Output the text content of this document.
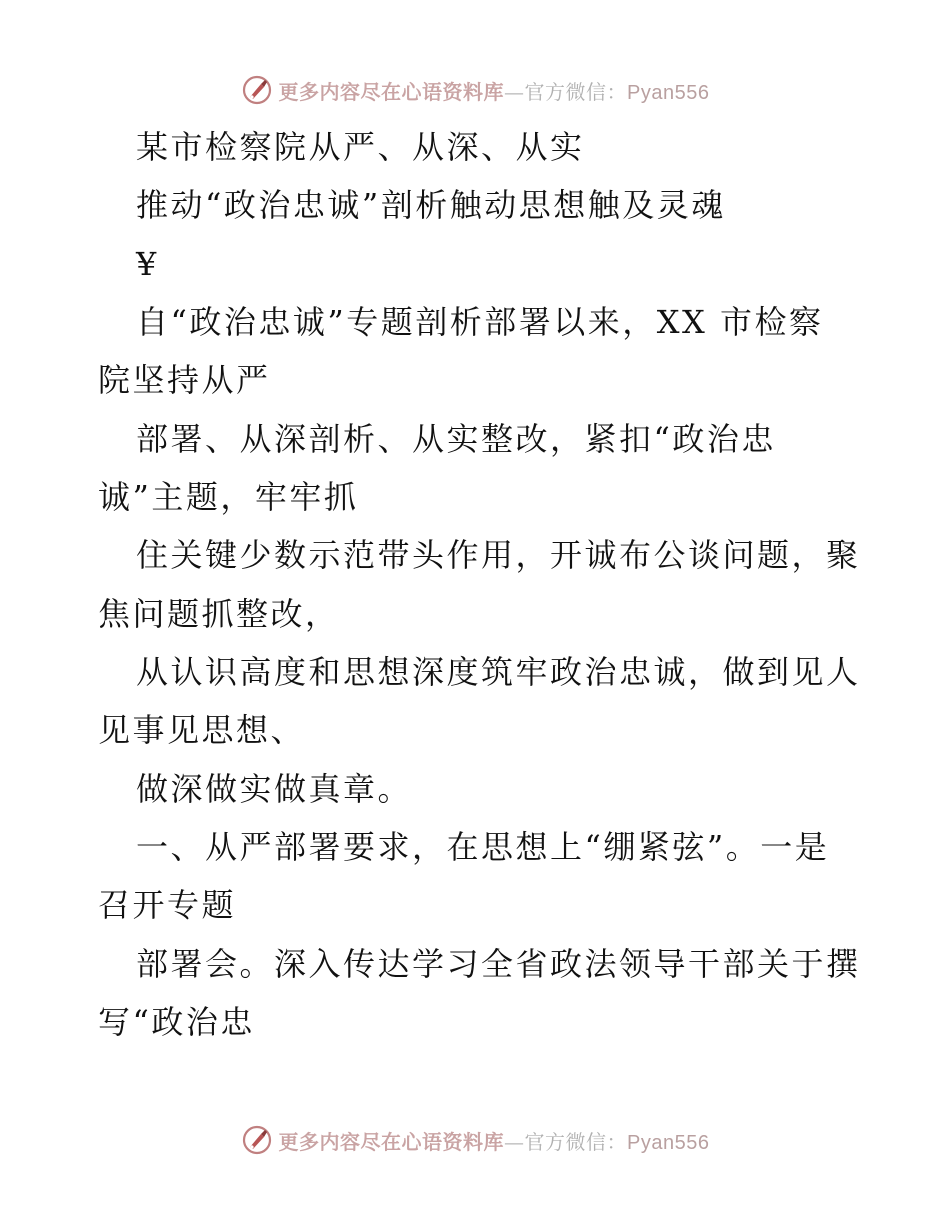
更多内容尽在心语资料库—官方微信：Pyan556
某市检察院从严、从深、从实
推动“政治忠诚”剖析触动思想触及灵魂
¥
自“政治忠诚”专题剖析部署以来，XX 市检察
院坚持从严
部署、从深剖析、从实整改，紧扣“政治忠
诚”主题，牢牢抓
住关键少数示范带头作用，开诚布公谈问题，聚
焦问题抓整改，
从认识高度和思想深度筑牢政治忠诚，做到见人
见事见思想、
做深做实做真章。
一、从严部署要求，在思想上“绷紧弦”。一是
召开专题
部署会。深入传达学习全省政法领导干部关于撰
写“政治忠
更多内容尽在心语资料库—官方微信：Pyan556
